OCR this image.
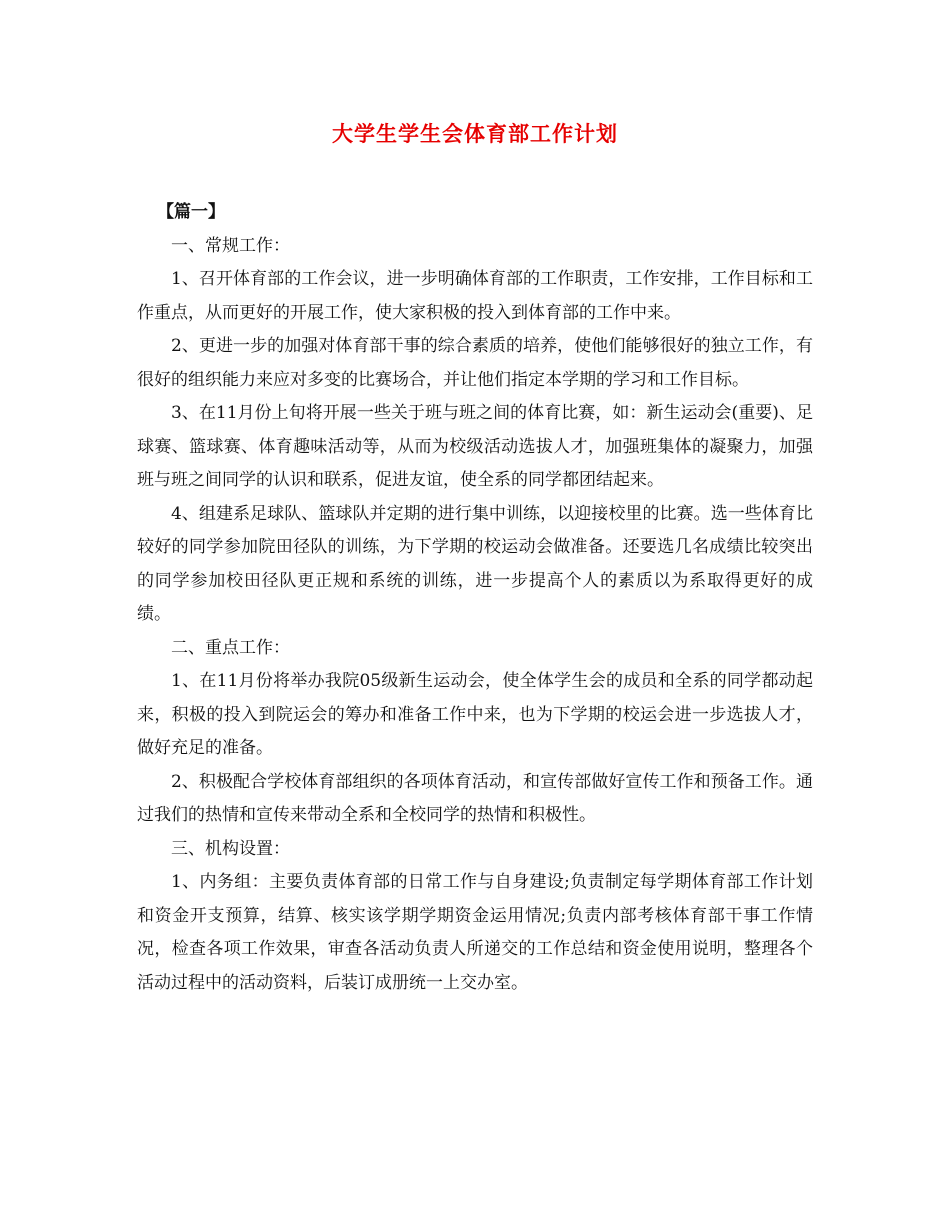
大学生学生会体育部工作计划

【篇一】

一、常规工作：

1、召开体育部的工作会议，进一步明确体育部的工作职责，工作安排，工作目标和工作重点，从而更好的开展工作，使大家积极的投入到体育部的工作中来。

2、更进一步的加强对体育部干事的综合素质的培养，使他们能够很好的独立工作，有很好的组织能力来应对多变的比赛场合，并让他们指定本学期的学习和工作目标。

3、在11月份上旬将开展一些关于班与班之间的体育比赛，如：新生运动会(重要)、足球赛、篮球赛、体育趣味活动等，从而为校级活动选拔人才，加强班集体的凝聚力，加强班与班之间同学的认识和联系，促进友谊，使全系的同学都团结起来。

4、组建系足球队、篮球队并定期的进行集中训练，以迎接校里的比赛。选一些体育比较好的同学参加院田径队的训练，为下学期的校运动会做准备。还要选几名成绩比较突出的同学参加校田径队更正规和系统的训练，进一步提高个人的素质以为系取得更好的成绩。

二、重点工作：

1、在11月份将举办我院05级新生运动会，使全体学生会的成员和全系的同学都动起来，积极的投入到院运会的筹办和准备工作中来，也为下学期的校运会进一步选拔人才，做好充足的准备。

2、积极配合学校体育部组织的各项体育活动，和宣传部做好宣传工作和预备工作。通过我们的热情和宣传来带动全系和全校同学的热情和积极性。

三、机构设置：

1、内务组：主要负责体育部的日常工作与自身建设;负责制定每学期体育部工作计划和资金开支预算，结算、核实该学期学期资金运用情况;负责内部考核体育部干事工作情况，检查各项工作效果，审查各活动负责人所递交的工作总结和资金使用说明，整理各个活动过程中的活动资料，后装订成册统一上交办室。
